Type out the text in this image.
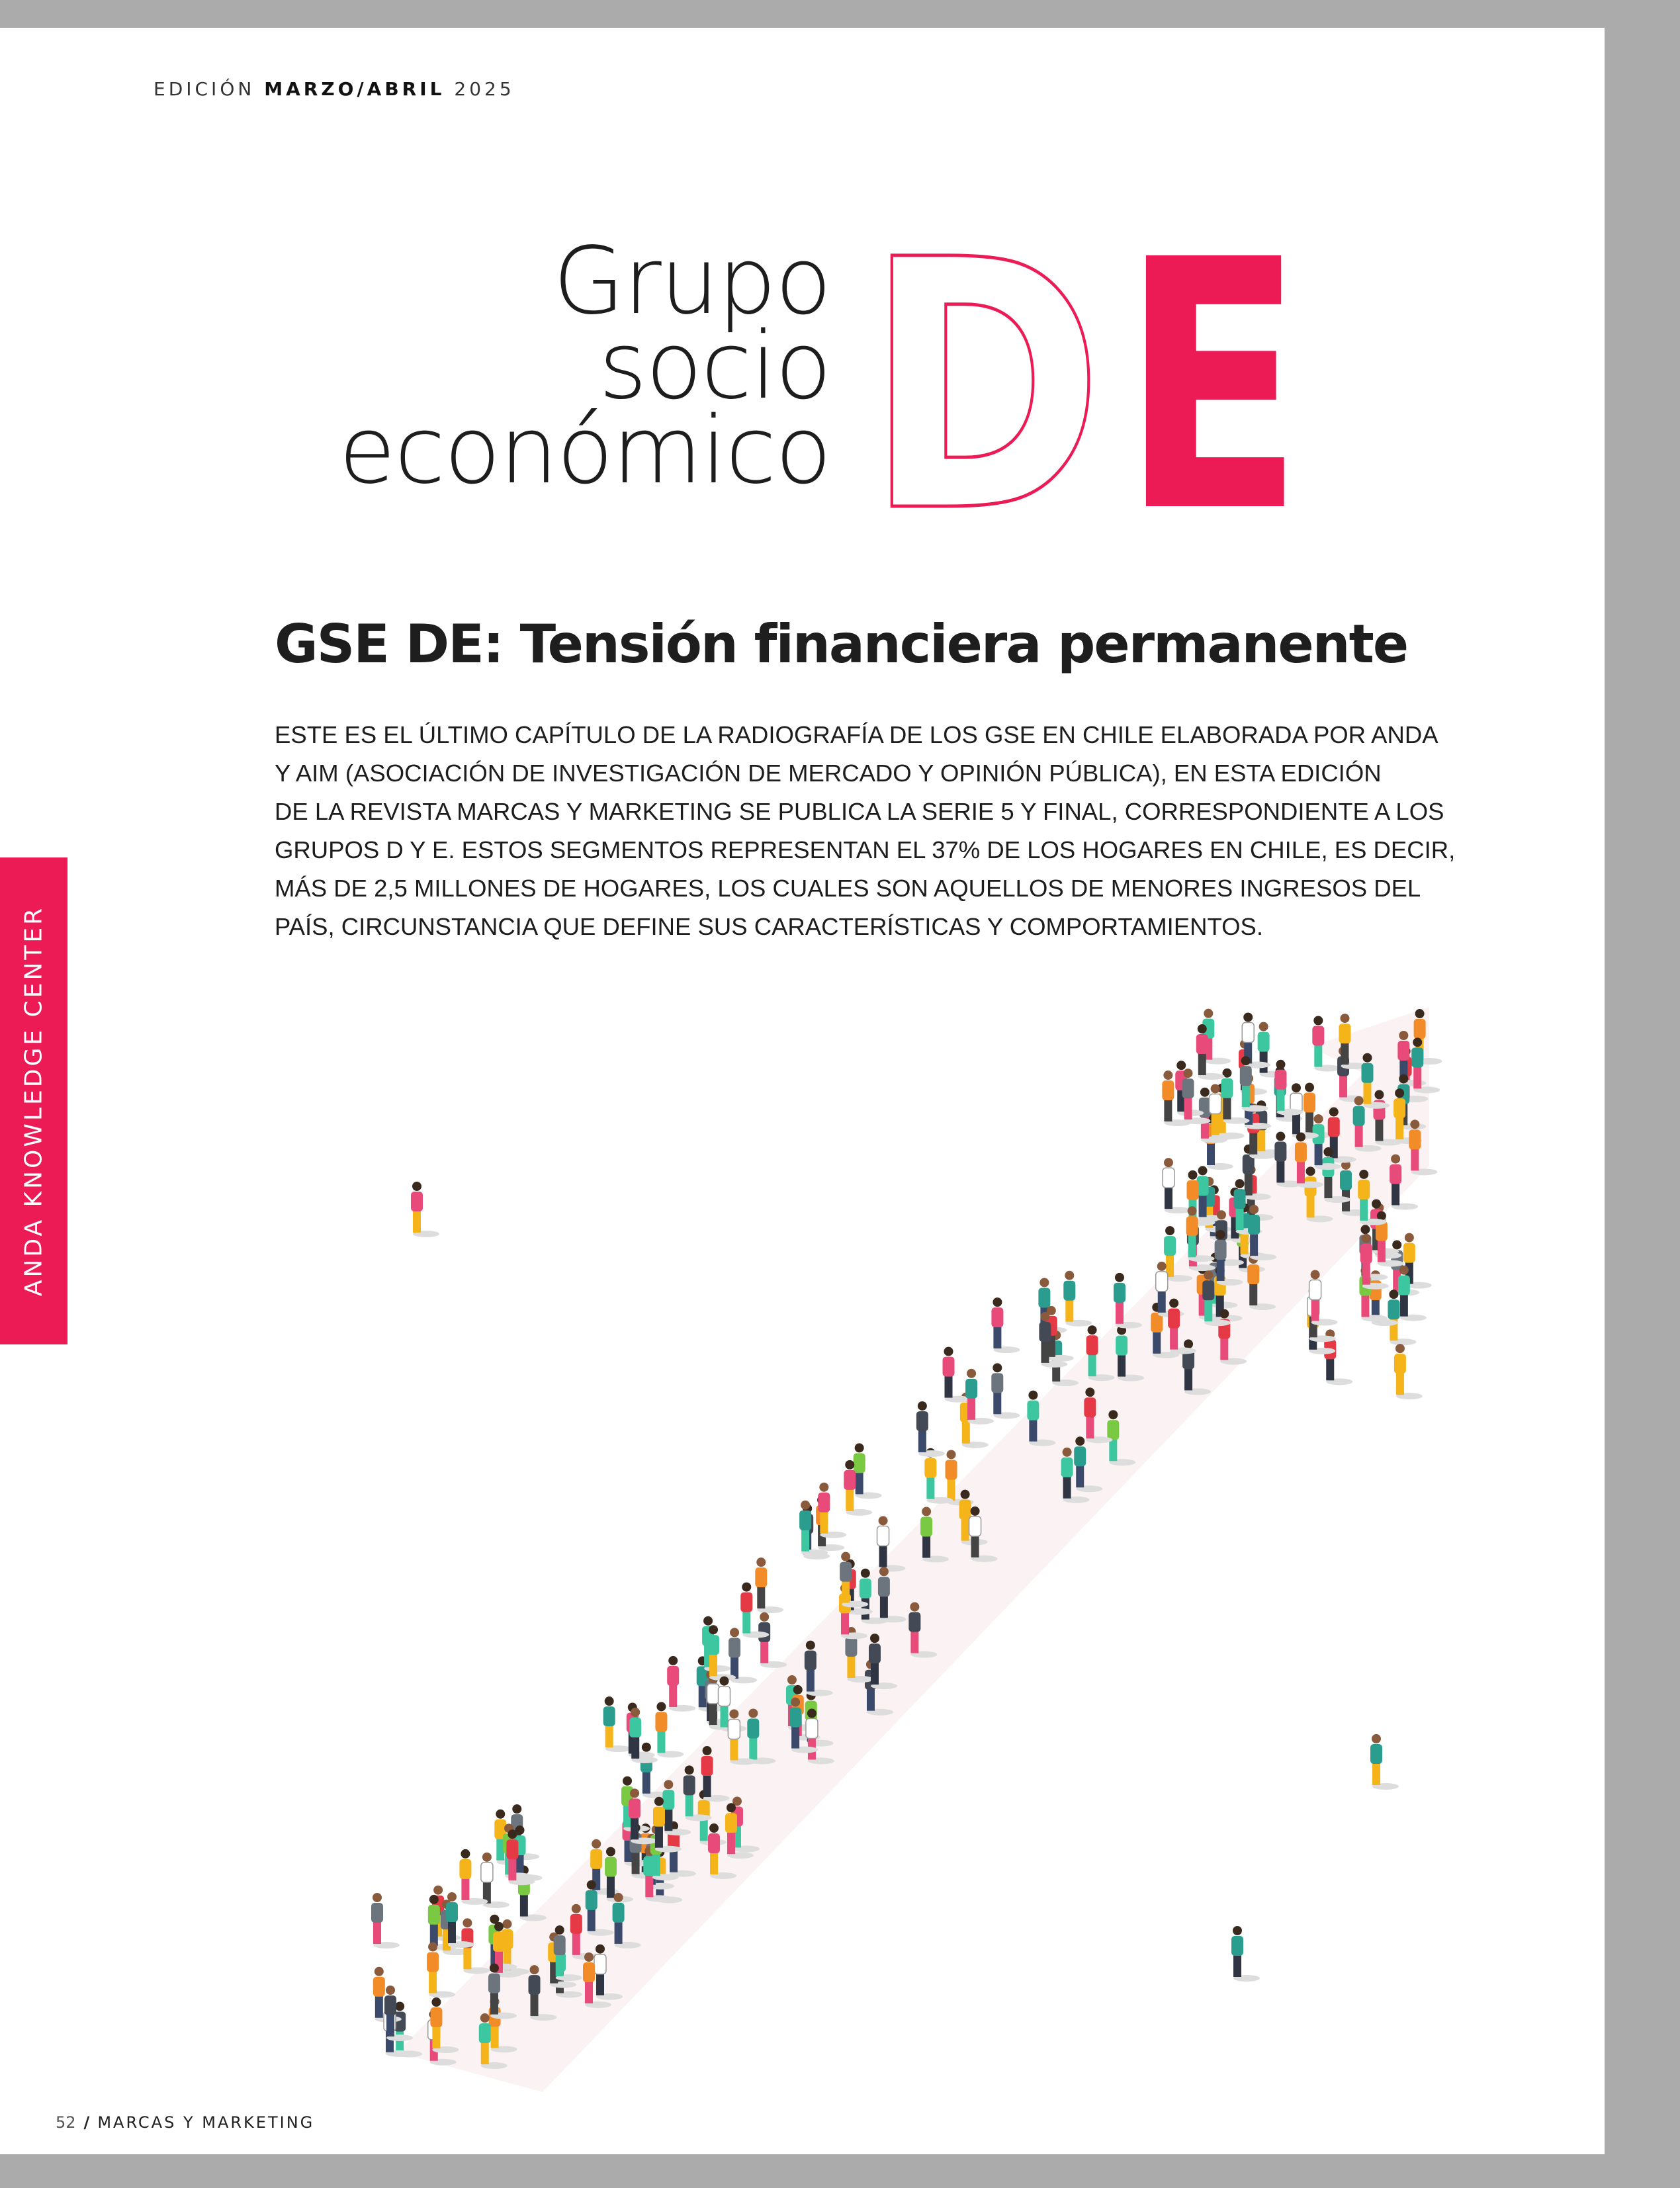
EDICIÓN MARZO/ABRIL 2025
Grupo
socio
económico D E
GSE DE: Tensión financiera permanente

ESTE ES EL ÚLTIMO CAPÍTULO DE LA RADIOGRAFÍA DE LOS GSE EN CHILE ELABORADA POR ANDA

Y AIM (ASOCIACIÓN DE INVESTIGACIÓN DE MERCADO Y OPINIÓN PÚBLICA), EN ESTA EDICIÓN

DE LA REVISTA MARCAS Y MARKETING SE PUBLICA LA SERIE 5 Y FINAL, CORRESPONDIENTE A LOS

GRUPOS D Y E. ESTOS SEGMENTOS REPRESENTAN EL 37% DE LOS HOGARES EN CHILE, ES DECIR,

MÁS DE 2,5 MILLONES DE HOGARES, LOS CUALES SON AQUELLOS DE MENORES INGRESOS DEL

PAÍS, CIRCUNSTANCIA QUE DEFINE SUS CARACTERÍSTICAS Y COMPORTAMIENTOS.

ANDA KNOWLEDGE CENTER
52 / MARCAS Y MARKETING
